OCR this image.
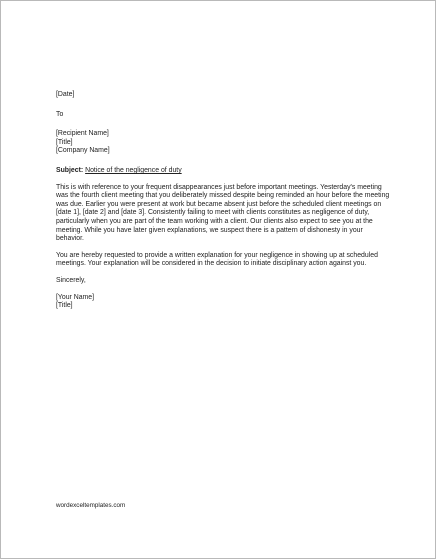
[Date]
To
[Recipient Name]
[Title]
[Company Name]
Subject: Notice of the negligence of duty

This is with reference to your frequent disappearances just before important meetings. Yesterday's meeting was the fourth client meeting that you deliberately missed despite being reminded an hour before the meeting was due. Earlier you were present at work but became absent just before the scheduled client meetings on [date 1], [date 2] and [date 3]. Consistently failing to meet with clients constitutes as negligence of duty, particularly when you are part of the team working with a client. Our clients also expect to see you at the meeting. While you have later given explanations, we suspect there is a pattern of dishonesty in your behavior.

You are hereby requested to provide a written explanation for your negligence in showing up at scheduled meetings. Your explanation will be considered in the decision to initiate disciplinary action against you.

Sincerely,
[Your Name]
[Title]
wordexceltemplates.com
